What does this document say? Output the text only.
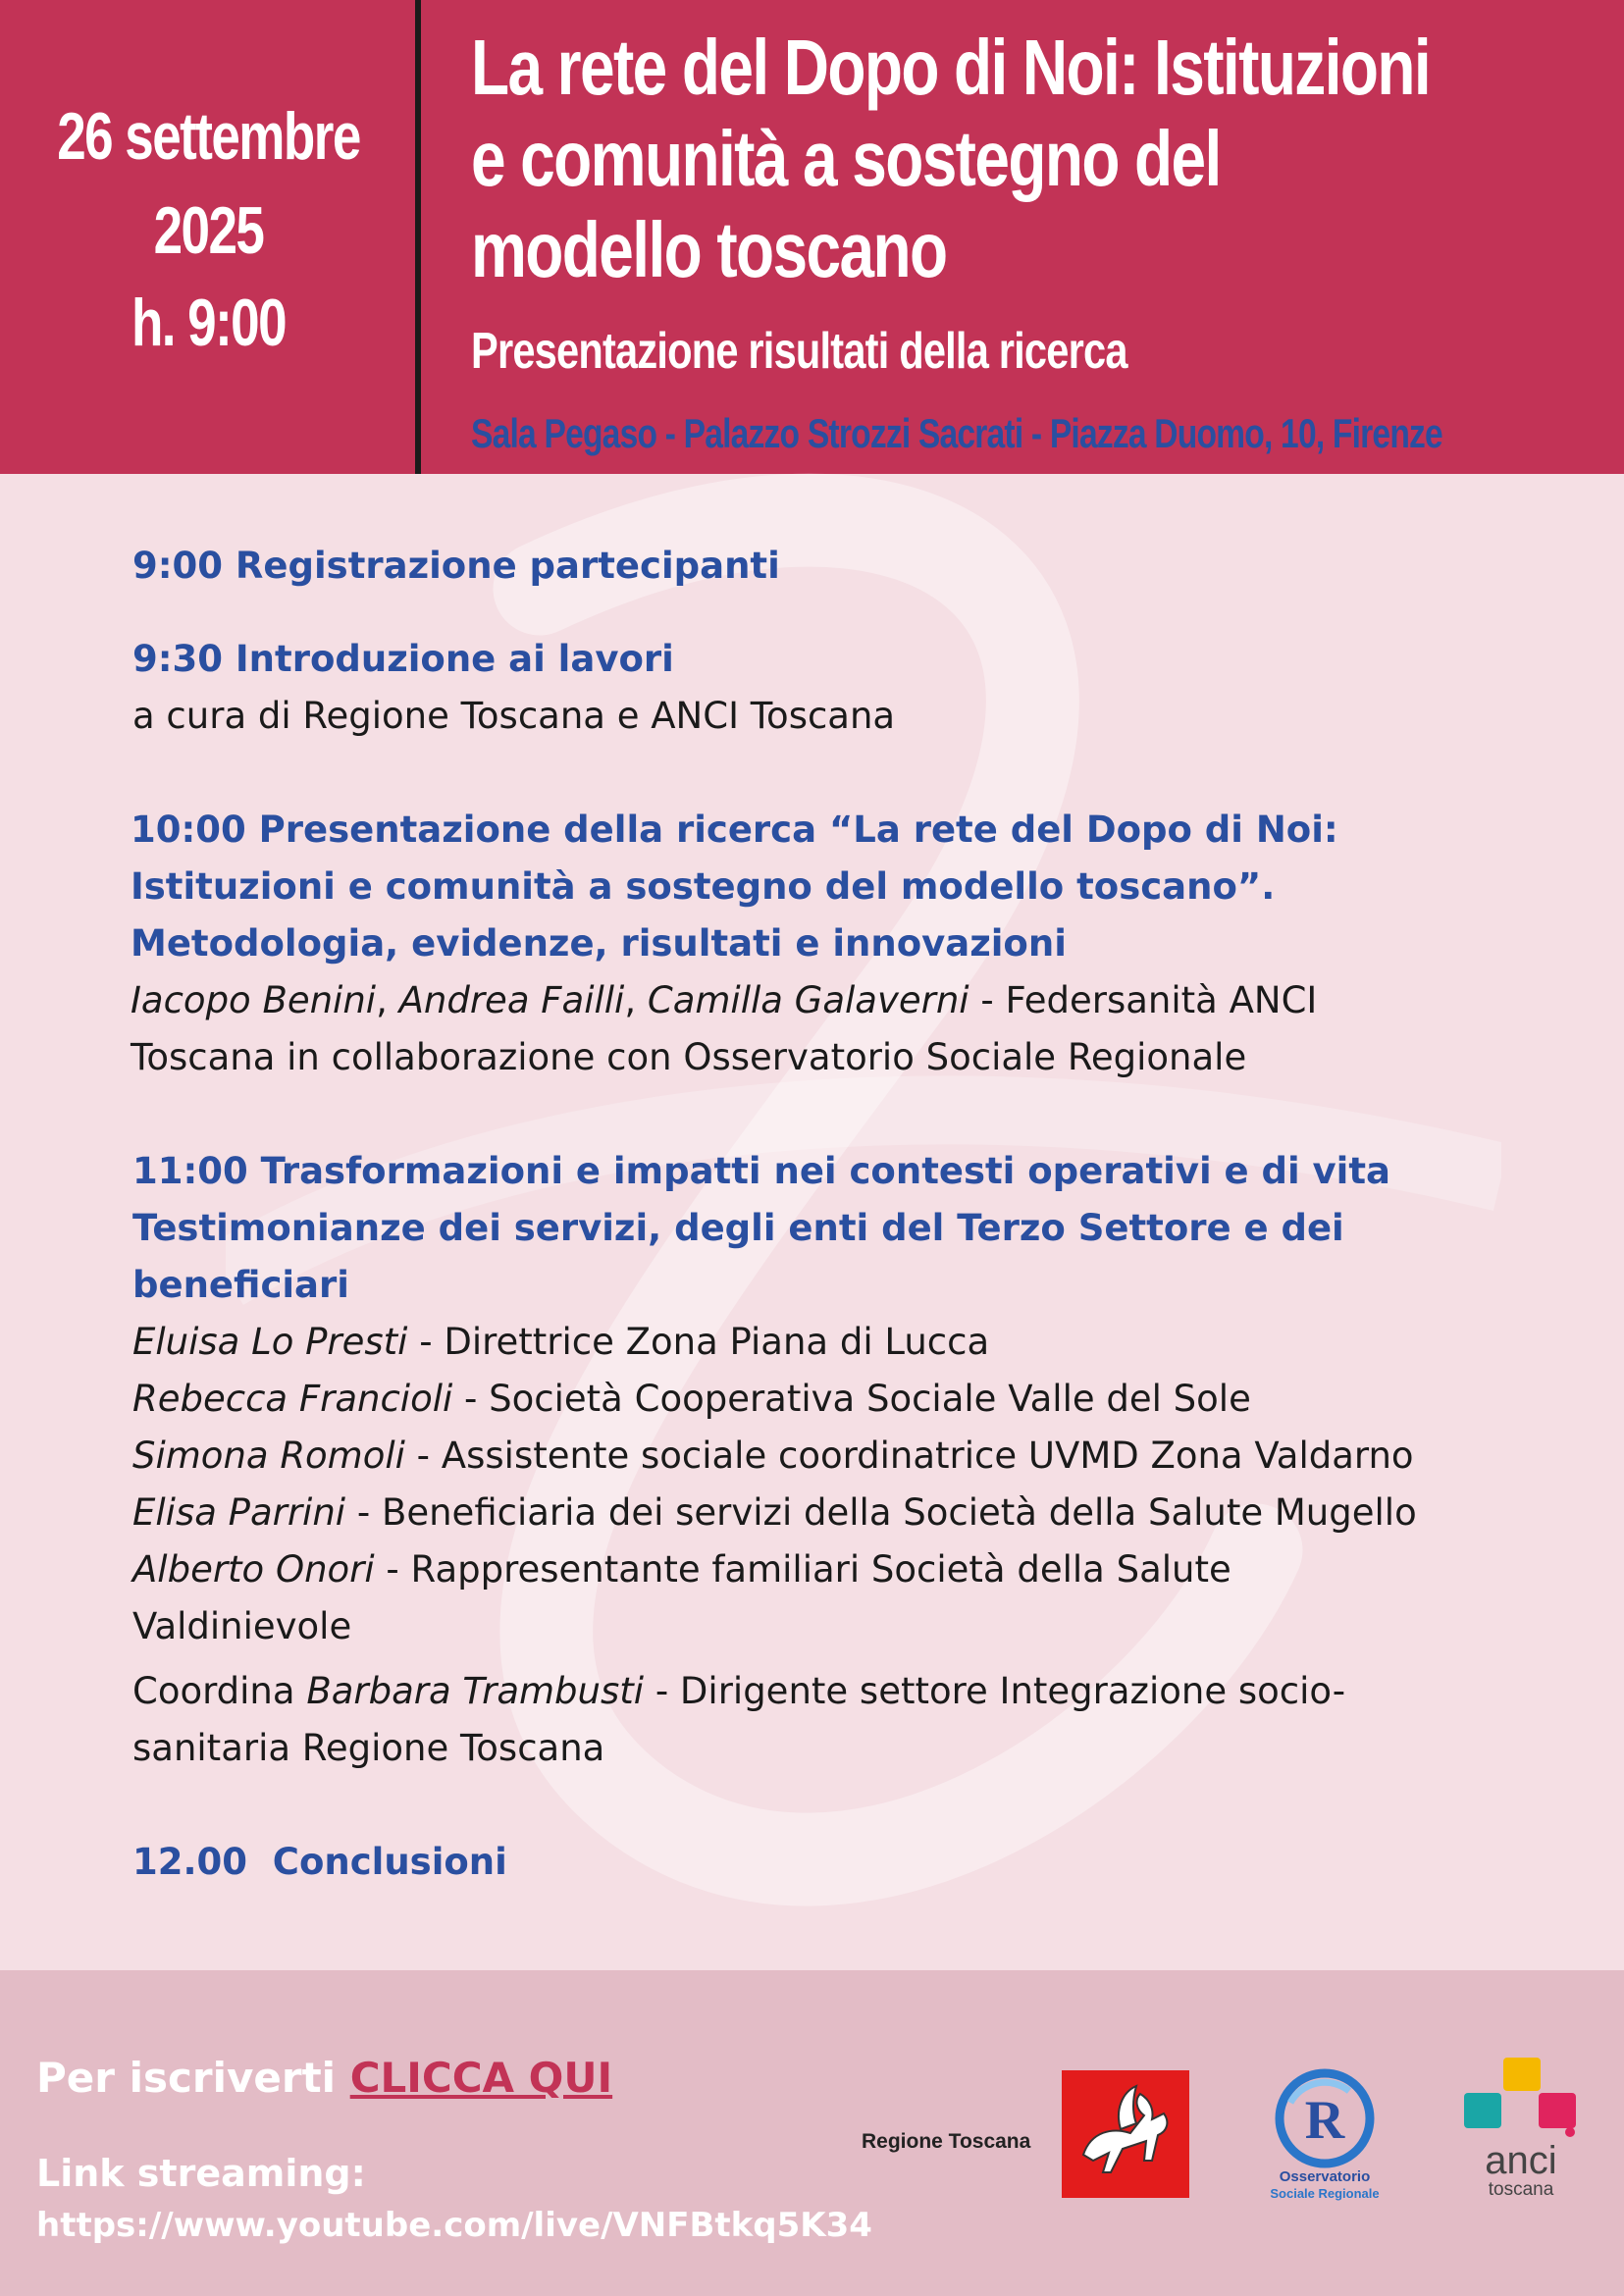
26 settembre
2025
h. 9:00
La rete del Dopo di Noi: Istituzioni e comunità a sostegno del modello toscano
Presentazione risultati della ricerca
Sala Pegaso - Palazzo Strozzi Sacrati - Piazza Duomo, 10, Firenze

9:00 Registrazione partecipanti

9:30 Introduzione ai lavori

a cura di Regione Toscana e ANCI Toscana

10:00 Presentazione della ricerca “La rete del Dopo di Noi:
Istituzioni e comunità a sostegno del modello toscano”.
Metodologia, evidenze, risultati e innovazioni

Iacopo Benini, Andrea Failli, Camilla Galaverni - Federsanità ANCI
Toscana in collaborazione con Osservatorio Sociale Regionale

11:00 Trasformazioni e impatti nei contesti operativi e di vita
Testimonianze dei servizi, degli enti del Terzo Settore e dei
beneficiari

Eluisa Lo Presti - Direttrice Zona Piana di Lucca

Rebecca Francioli - Società Cooperativa Sociale Valle del Sole

Simona Romoli - Assistente sociale coordinatrice UVMD Zona Valdarno

Elisa Parrini - Beneficiaria dei servizi della Società della Salute Mugello

Alberto Onori - Rappresentante familiari Società della Salute
Valdinievole

Coordina Barbara Trambusti - Dirigente settore Integrazione socio-
sanitaria Regione Toscana

12.00  Conclusioni

Per iscriverti CLICCA QUI
Link streaming:
https://www.youtube.com/live/VNFBtkq5K34
Regione Toscana	R
Osservatorio
Sociale Regionale
anci
toscana
